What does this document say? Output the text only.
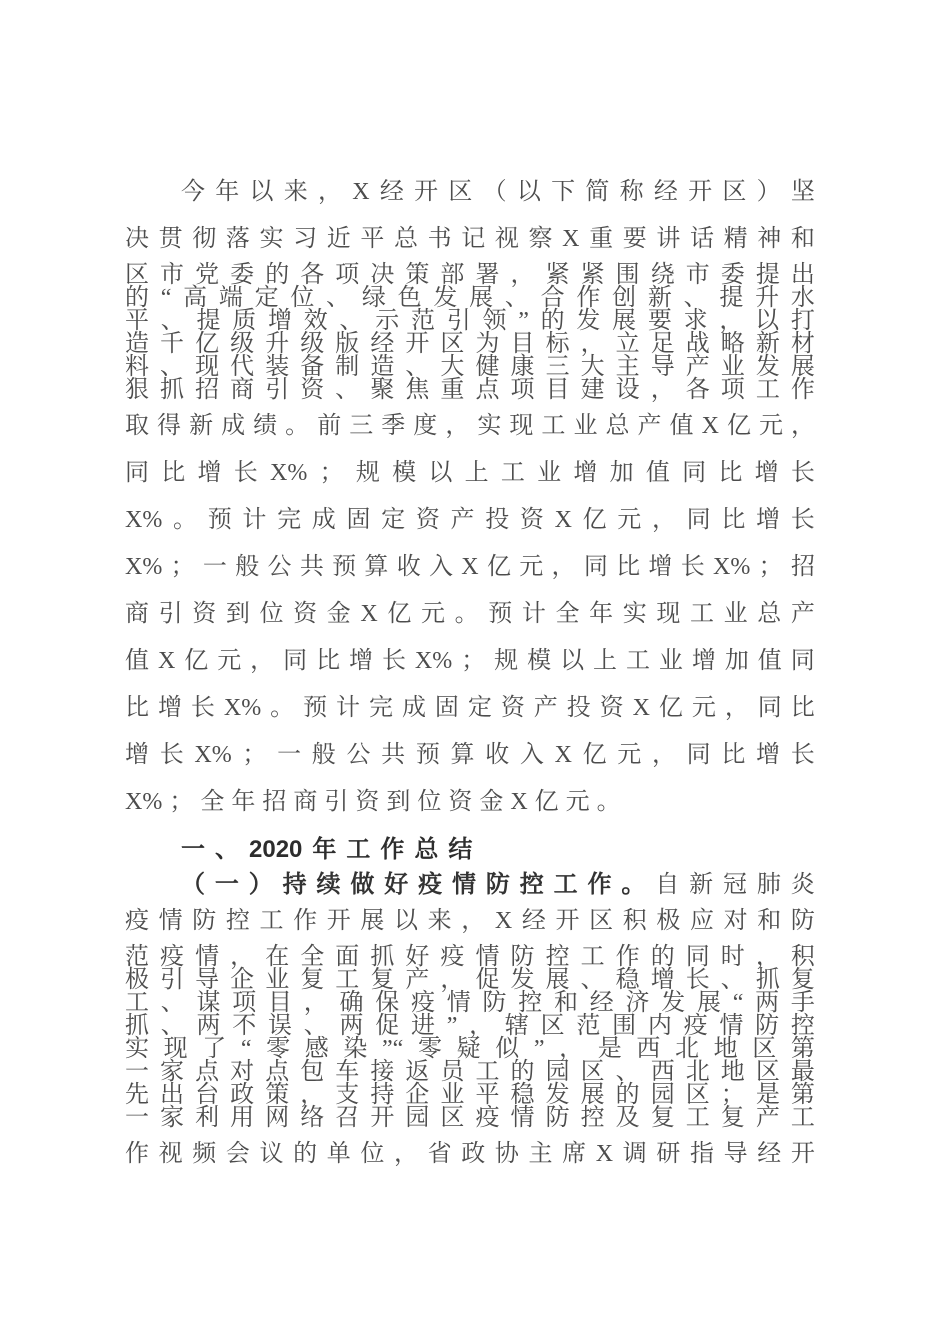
今 年 以 来 ， X 经 开 区 （ 以 下 简 称 经 开 区 ） 坚
决 贯 彻 落 实 习 近 平 总 书 记 视 察 X 重 要 讲 话 精 神 和
区 市 党 委 的 各 项 决 策 部 署 ， 紧 紧 围 绕 市 委 提 出
的 “ 高 端 定 位 、 绿 色 发 展 、 合 作 创 新 、 提 升 水
平 、 提 质 增 效 、 示 范 引 领 ” 的 发 展 要 求 ， 以 打
造 千 亿 级 升 级 版 经 开 区 为 目 标 ， 立 足 战 略 新 材
料 、 现 代 装 备 制 造 、 大 健 康 三 大 主 导 产 业 发 展
狠 抓 招 商 引 资 、 聚 焦 重 点 项 目 建 设 ， 各 项 工 作
取 得 新 成 绩 。 前 三 季 度 ， 实 现 工 业 总 产 值 X 亿 元 ，
同 比 增 长 X% ； 规 模 以 上 工 业 增 加 值 同 比 增 长
X% 。 预 计 完 成 固 定 资 产 投 资 X 亿 元 ， 同 比 增 长
X% ； 一 般 公 共 预 算 收 入 X 亿 元 ， 同 比 增 长 X% ； 招
商 引 资 到 位 资 金 X 亿 元 。 预 计 全 年 实 现 工 业 总 产
值 X 亿 元 ， 同 比 增 长 X% ； 规 模 以 上 工 业 增 加 值 同
比 增 长 X% 。 预 计 完 成 固 定 资 产 投 资 X 亿 元 ， 同 比
增 长 X% ； 一 般 公 共 预 算 收 入 X 亿 元 ， 同 比 增 长
X% ； 全 年 招 商 引 资 到 位 资 金 X 亿 元 。
一 、 2020 年 工 作 总 结
（ 一 ） 持 续 做 好 疫 情 防 控 工 作 。 自 新 冠 肺 炎
疫 情 防 控 工 作 开 展 以 来 ， X 经 开 区 积 极 应 对 和 防
范 疫 情 ， 在 全 面 抓 好 疫 情 防 控 工 作 的 同 时 ， 积
极 引 导 企 业 复 工 复 产 ， 促 发 展 、 稳 增 长 、 抓 复
工 、 谋 项 目 ， 确 保 疫 情 防 控 和 经 济 发 展 “ 两 手
抓 、 两 不 误 、 两 促 进 ” ， 辖 区 范 围 内 疫 情 防 控
实 现 了 “ 零 感 染 ”“ 零 疑 似 ” ， 是 西 北 地 区 第
一 家 点 对 点 包 车 接 返 员 工 的 园 区 、 西 北 地 区 最
先 出 台 政 策 ， 支 持 企 业 平 稳 发 展 的 园 区 ； 是 第
一 家 利 用 网 络 召 开 园 区 疫 情 防 控 及 复 工 复 产 工
作 视 频 会 议 的 单 位 ， 省 政 协 主 席 X 调 研 指 导 经 开
